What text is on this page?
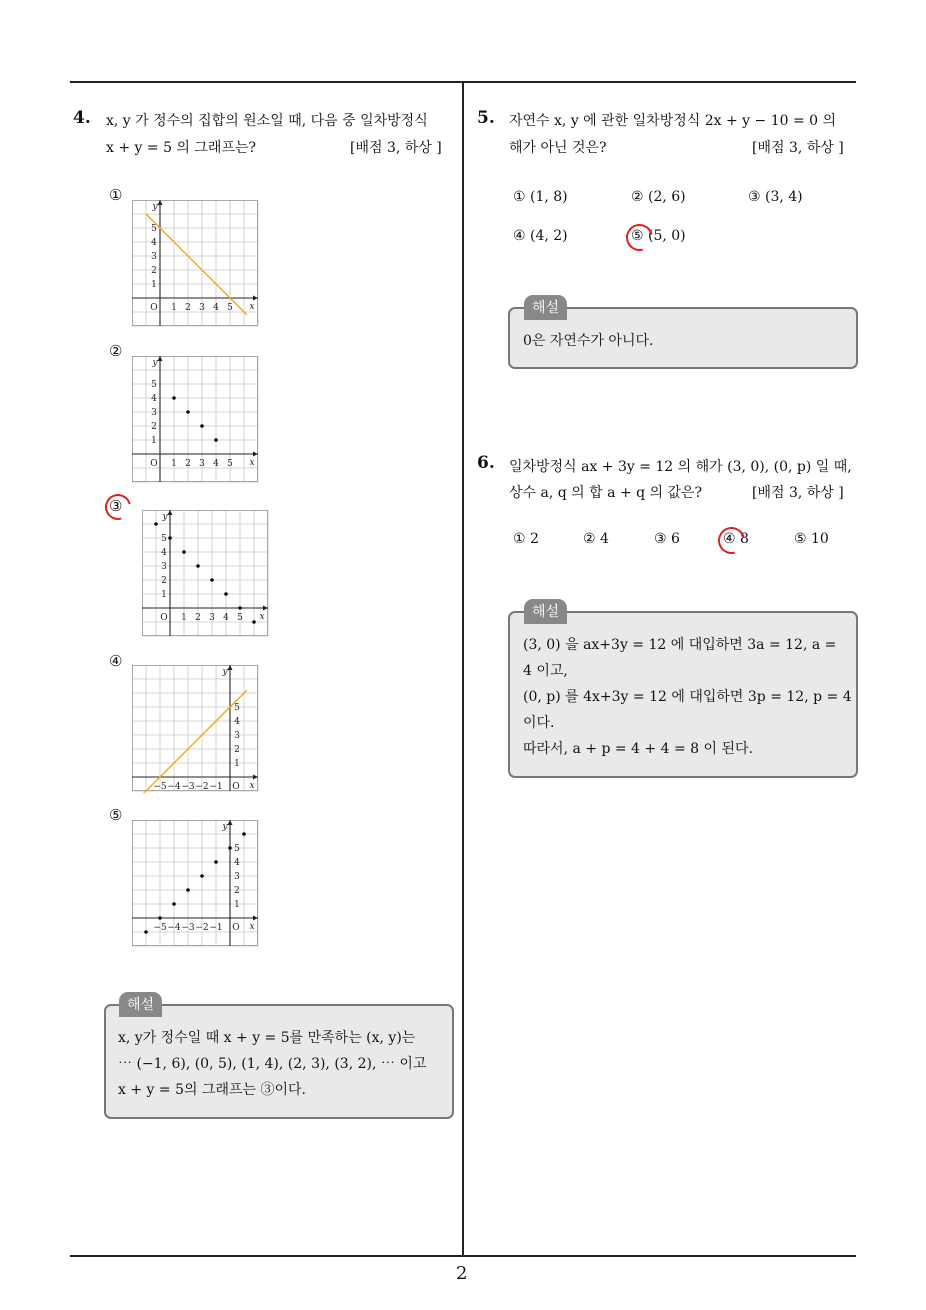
2
4. x, y 가 정수의 집합의 원소일 때, 다음 중 일차방정식
x + y = 5 의 그래프는?	[배점 3, 하상 ]
①
②
③
④
⑤
x
y
O
1
1
2
2
3
3
4
4
5
5
x
y
O
1
1
2
2
3
3
4
4
5
5
x
y
O
1
1
2
2
3
3
4
4
5
5
x
y
O
1
2
3
4
5
−5 −4 −3 −2 −1
x
y
O
1
2
3
4
5
−5 −4 −3 −2 −1
해설
x, y가 정수일 때 x + y = 5를 만족하는 (x, y)는
⋯ (−1, 6), (0, 5), (1, 4), (2, 3), (3, 2), ⋯ 이고
x + y = 5의 그래프는 ③이다.
5. 자연수 x, y 에 관한 일차방정식 2x + y − 10 = 0 의
해가 아닌 것은?	[배점 3, 하상 ]
① (1, 8)	② (2, 6)	③ (3, 4)
④ (4, 2)	⑤ (5, 0)
해설
0은 자연수가 아니다.
6. 일차방정식 ax + 3y = 12 의 해가 (3, 0), (0, p) 일 때,
상수 a, q 의 합 a + q 의 값은?	[배점 3, 하상 ]
① 2	② 4	③ 6	④ 8	⑤ 10
해설
(3, 0) 을 ax+3y = 12 에 대입하면 3a = 12, a =
4 이고,
(0, p) 를 4x+3y = 12 에 대입하면 3p = 12, p = 4
이다.
따라서, a + p = 4 + 4 = 8 이 된다.
